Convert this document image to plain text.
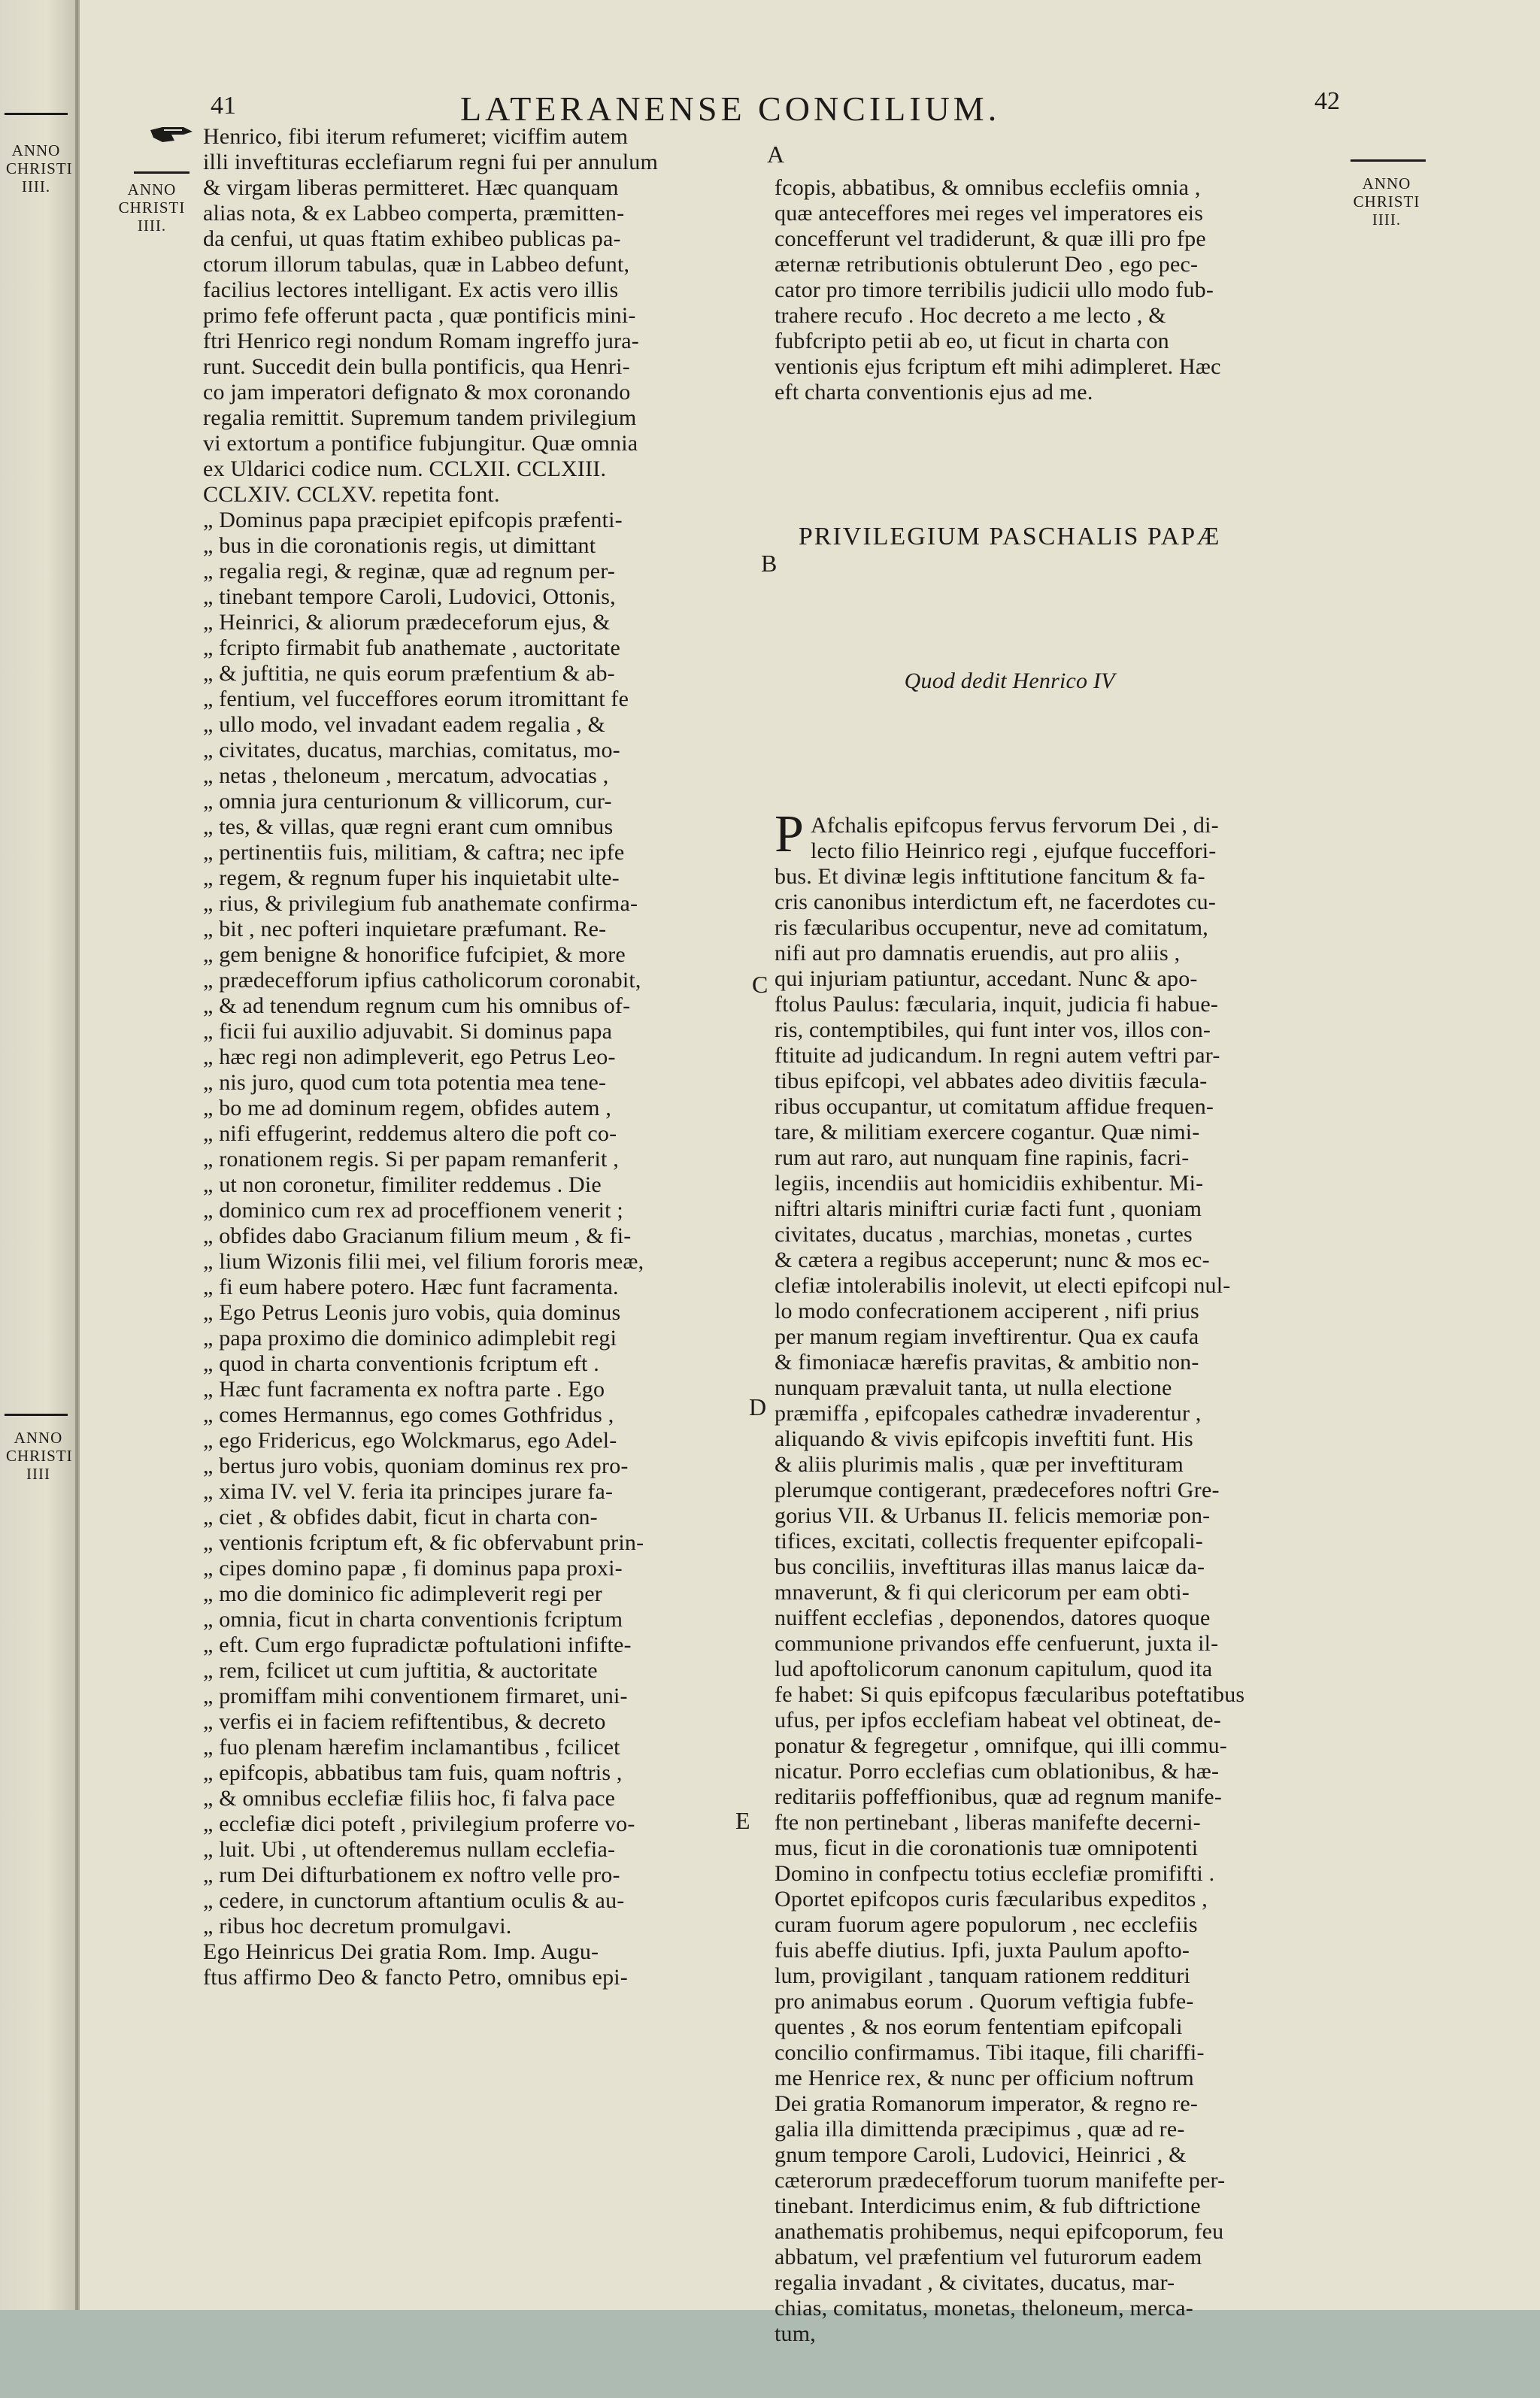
41	LATERANENSE CONCILIUM.	42
ANNO
CHRISTI
IIII.	ANNO
CHRISTI
IIII.
ANNO
CHRISTI
IIII.
ANNO
CHRISTI
IIII
A
B
C
D
E
Henrico, fibi iterum refumeret; viciffim autem
illi inveftituras ecclefiarum regni fui per annulum
& virgam liberas permitteret. Hæc quanquam
alias nota, & ex Labbeo comperta, præmitten-
da cenfui, ut quas ftatim exhibeo publicas pa-
ctorum illorum tabulas, quæ in Labbeo defunt,
facilius lectores intelligant. Ex actis vero illis
primo fefe offerunt pacta , quæ pontificis mini-
ftri Henrico regi nondum Romam ingreffo jura-
runt. Succedit dein bulla pontificis, qua Henri-
co jam imperatori defignato & mox coronando
regalia remittit. Supremum tandem privilegium
vi extortum a pontifice fubjungitur. Quæ omnia
ex Uldarici codice num. CCLXII. CCLXIII.
CCLXIV. CCLXV. repetita font.
„ Dominus papa præcipiet epifcopis præfenti-
„ bus in die coronationis regis, ut dimittant
„ regalia regi, & reginæ, quæ ad regnum per-
„ tinebant tempore Caroli, Ludovici, Ottonis,
„ Heinrici, & aliorum prædeceforum ejus, &
„ fcripto firmabit fub anathemate , auctoritate
„ & juftitia, ne quis eorum præfentium & ab-
„ fentium, vel fucceffores eorum itromittant fe
„ ullo modo, vel invadant eadem regalia , &
„ civitates, ducatus, marchias, comitatus, mo-
„ netas , theloneum , mercatum, advocatias ,
„ omnia jura centurionum & villicorum, cur-
„ tes, & villas, quæ regni erant cum omnibus
„ pertinentiis fuis, militiam, & caftra; nec ipfe
„ regem, & regnum fuper his inquietabit ulte-
„ rius, & privilegium fub anathemate confirma-
„ bit , nec pofteri inquietare præfumant. Re-
„ gem benigne & honorifice fufcipiet, & more
„ prædecefforum ipfius catholicorum coronabit,
„ & ad tenendum regnum cum his omnibus of-
„ ficii fui auxilio adjuvabit. Si dominus papa
„ hæc regi non adimpleverit, ego Petrus Leo-
„ nis juro, quod cum tota potentia mea tene-
„ bo me ad dominum regem, obfides autem ,
„ nifi effugerint, reddemus altero die poft co-
„ ronationem regis. Si per papam remanferit ,
„ ut non coronetur, fimiliter reddemus . Die
„ dominico cum rex ad proceffionem venerit ;
„ obfides dabo Gracianum filium meum , & fi-
„ lium Wizonis filii mei, vel filium fororis meæ,
„ fi eum habere potero. Hæc funt facramenta.
„ Ego Petrus Leonis juro vobis, quia dominus
„ papa proximo die dominico adimplebit regi
„ quod in charta conventionis fcriptum eft .
„ Hæc funt facramenta ex noftra parte . Ego
„ comes Hermannus, ego comes Gothfridus ,
„ ego Fridericus, ego Wolckmarus, ego Adel-
„ bertus juro vobis, quoniam dominus rex pro-
„ xima IV. vel V. feria ita principes jurare fa-
„ ciet , & obfides dabit, ficut in charta con-
„ ventionis fcriptum eft, & fic obfervabunt prin-
„ cipes domino papæ , fi dominus papa proxi-
„ mo die dominico fic adimpleverit regi per
„ omnia, ficut in charta conventionis fcriptum
„ eft. Cum ergo fupradictæ poftulationi infifte-
„ rem, fcilicet ut cum juftitia, & auctoritate
„ promiffam mihi conventionem firmaret, uni-
„ verfis ei in faciem refiftentibus, & decreto
„ fuo plenam hærefim inclamantibus , fcilicet
„ epifcopis, abbatibus tam fuis, quam noftris ,
„ & omnibus ecclefiæ filiis hoc, fi falva pace
„ ecclefiæ dici poteft , privilegium proferre vo-
„ luit. Ubi , ut oftenderemus nullam ecclefia-
„ rum Dei difturbationem ex noftro velle pro-
„ cedere, in cunctorum aftantium oculis & au-
„ ribus hoc decretum promulgavi.
Ego Heinricus Dei gratia Rom. Imp. Augu-
ftus affirmo Deo & fancto Petro, omnibus epi-

fcopis, abbatibus, & omnibus ecclefiis omnia ,
quæ anteceffores mei reges vel imperatores eis
concefferunt vel tradiderunt, & quæ illi pro fpe
æternæ retributionis obtulerunt Deo , ego pec-
cator pro timore terribilis judicii ullo modo fub-
trahere recufo . Hoc decreto a me lecto , &
fubfcripto petii ab eo, ut ficut in charta con
ventionis ejus fcriptum eft mihi adimpleret. Hæc
eft charta conventionis ejus ad me.

PRIVILEGIUM PASCHALIS PAPÆ

Quod dedit Henrico IV

Afchalis epifcopus fervus fervorum Dei , di-
lecto filio Heinrico regi , ejufque fucceffori-
bus. Et divinæ legis inftitutione fancitum & fa-
cris canonibus interdictum eft, ne facerdotes cu-
ris fæcularibus occupentur, neve ad comitatum,
nifi aut pro damnatis eruendis, aut pro aliis ,
qui injuriam patiuntur, accedant. Nunc & apo-
ftolus Paulus: fæcularia, inquit, judicia fi habue-
ris, contemptibiles, qui funt inter vos, illos con-
ftituite ad judicandum. In regni autem veftri par-
tibus epifcopi, vel abbates adeo divitiis fæcula-
ribus occupantur, ut comitatum affidue frequen-
tare, & militiam exercere cogantur. Quæ nimi-
rum aut raro, aut nunquam fine rapinis, facri-
legiis, incendiis aut homicidiis exhibentur. Mi-
niftri altaris miniftri curiæ facti funt , quoniam
civitates, ducatus , marchias, monetas , curtes
& cætera a regibus acceperunt; nunc & mos ec-
clefiæ intolerabilis inolevit, ut electi epifcopi nul-
lo modo confecrationem acciperent , nifi prius
per manum regiam inveftirentur. Qua ex caufa
& fimoniacæ hærefis pravitas, & ambitio non-
nunquam prævaluit tanta, ut nulla electione
præmiffa , epifcopales cathedræ invaderentur ,
aliquando & vivis epifcopis inveftiti funt. His
& aliis plurimis malis , quæ per inveftituram
plerumque contigerant, prædecefores noftri Gre-
gorius VII. & Urbanus II. felicis memoriæ pon-
tifices, excitati, collectis frequenter epifcopali-
bus conciliis, inveftituras illas manus laicæ da-
mnaverunt, & fi qui clericorum per eam obti-
nuiffent ecclefias , deponendos, datores quoque
communione privandos effe cenfuerunt, juxta il-
lud apoftolicorum canonum capitulum, quod ita
fe habet: Si quis epifcopus fæcularibus poteftatibus
ufus, per ipfos ecclefiam habeat vel obtineat, de-
ponatur & fegregetur , omnifque, qui illi commu-
nicatur. Porro ecclefias cum oblationibus, & hæ-
reditariis poffeffionibus, quæ ad regnum manife-
fte non pertinebant , liberas manifefte decerni-
mus, ficut in die coronationis tuæ omnipotenti
Domino in confpectu totius ecclefiæ promififti .
Oportet epifcopos curis fæcularibus expeditos ,
curam fuorum agere populorum , nec ecclefiis
fuis abeffe diutius. Ipfi, juxta Paulum apofto-
lum, provigilant , tanquam rationem redditurі
pro animabus eorum . Quorum veftigia fubfe-
quentes , & nos eorum fententiam epifcopali
concilio confirmamus. Tibi itaque, fili chariffi-
me Henrice rex, & nunc per officium noftrum
Dei gratia Romanorum imperator, & regno re-
galia illa dimittenda præcipimus , quæ ad re-
gnum tempore Caroli, Ludovici, Heinrici , &
cæterorum prædecefforum tuorum manifefte per-
tinebant. Interdicimus enim, & fub diftrictione
anathematis prohibemus, nequi epifcoporum, feu
abbatum, vel præfentium vel futurorum eadem
regalia invadant , & civitates, ducatus, mar-
chias, comitatus, monetas, theloneum, merca-
tum,
P
